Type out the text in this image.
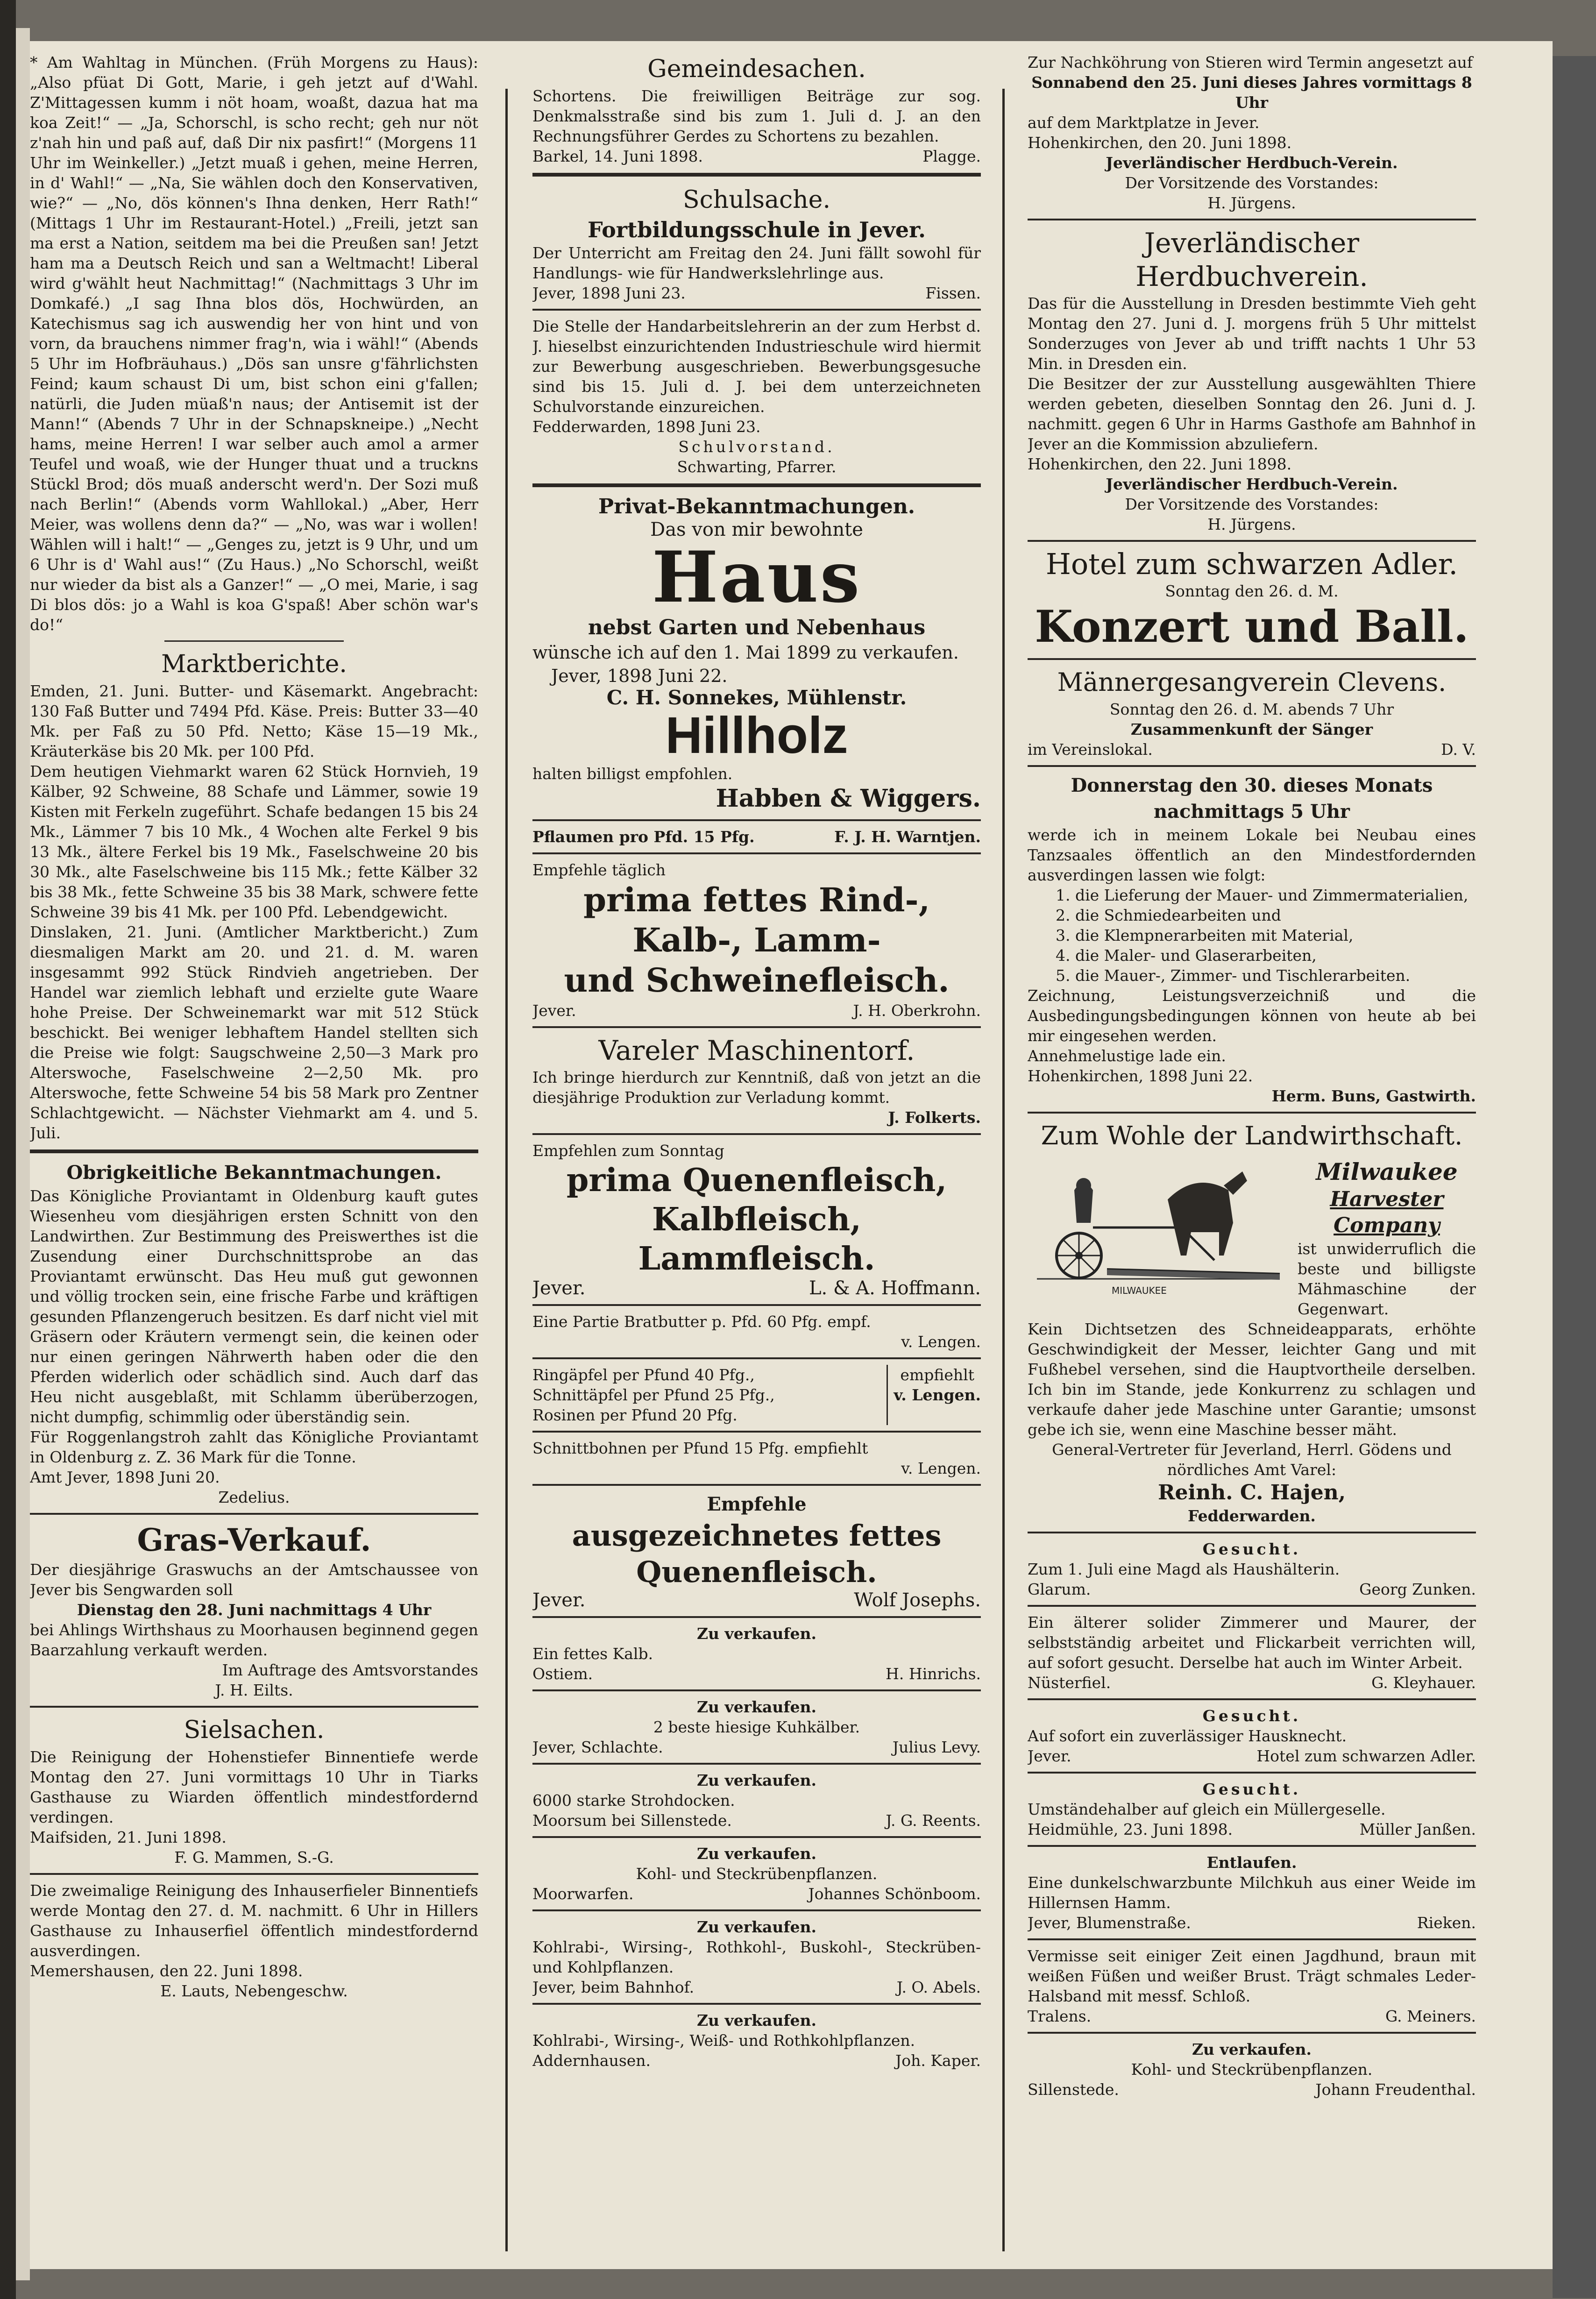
* Am Wahltag in München. (Früh Morgens zu Haus): „Also pfüat Di Gott, Marie, i geh jetzt auf d'Wahl. Z'Mittagessen kumm i nöt hoam, woaßt, dazua hat ma koa Zeit!“ — „Ja, Schorschl, is scho recht; geh nur nöt z'nah hin und paß auf, daß Dir nix pasfirt!“ (Morgens 11 Uhr im Weinkeller.) „Jetzt muaß i gehen, meine Herren, in d' Wahl!“ — „Na, Sie wählen doch den Konservativen, wie?“ — „No, dös können's Ihna denken, Herr Rath!“ (Mittags 1 Uhr im Restaurant-Hotel.) „Freili, jetzt san ma erst a Nation, seitdem ma bei die Preußen san! Jetzt ham ma a Deutsch Reich und san a Weltmacht! Liberal wird g'wählt heut Nachmittag!“ (Nachmittags 3 Uhr im Domkafé.) „I sag Ihna blos dös, Hochwürden, an Katechismus sag ich auswendig her von hint und von vorn, da brauchens nimmer frag'n, wia i wähl!“ (Abends 5 Uhr im Hofbräuhaus.) „Dös san unsre g'fährlichsten Feind; kaum schaust Di um, bist schon eini g'fallen; natürli, die Juden müaß'n naus; der Antisemit ist der Mann!“ (Abends 7 Uhr in der Schnapskneipe.) „Necht hams, meine Herren! I war selber auch amol a armer Teufel und woaß, wie der Hunger thuat und a truckns Stückl Brod; dös muaß anderscht werd'n. Der Sozi muß nach Berlin!“ (Abends vorm Wahllokal.) „Aber, Herr Meier, was wollens denn da?“ — „No, was war i wollen! Wählen will i halt!“ — „Genges zu, jetzt is 9 Uhr, und um 6 Uhr is d' Wahl aus!“ (Zu Haus.) „No Schorschl, weißt nur wieder da bist als a Ganzer!“ — „O mei, Marie, i sag Di blos dös: jo a Wahl is koa G'spaß! Aber schön war's do!“

Marktberichte.

Emden, 21. Juni. Butter- und Käsemarkt. Angebracht: 130 Faß Butter und 7494 Pfd. Käse. Preis: Butter 33—40 Mk. per Faß zu 50 Pfd. Netto; Käse 15—19 Mk., Kräuterkäse bis 20 Mk. per 100 Pfd.

Dem heutigen Viehmarkt waren 62 Stück Hornvieh, 19 Kälber, 92 Schweine, 88 Schafe und Lämmer, sowie 19 Kisten mit Ferkeln zugeführt. Schafe bedangen 15 bis 24 Mk., Lämmer 7 bis 10 Mk., 4 Wochen alte Ferkel 9 bis 13 Mk., ältere Ferkel bis 19 Mk., Faselschweine 20 bis 30 Mk., alte Faselschweine bis 115 Mk.; fette Kälber 32 bis 38 Mk., fette Schweine 35 bis 38 Mark, schwere fette Schweine 39 bis 41 Mk. per 100 Pfd. Lebendgewicht.

Dinslaken, 21. Juni. (Amtlicher Marktbericht.) Zum diesmaligen Markt am 20. und 21. d. M. waren insgesammt 992 Stück Rindvieh angetrieben. Der Handel war ziemlich lebhaft und erzielte gute Waare hohe Preise. Der Schweinemarkt war mit 512 Stück beschickt. Bei weniger lebhaftem Handel stellten sich die Preise wie folgt: Saugschweine 2,50—3 Mark pro Alterswoche, Faselschweine 2—2,50 Mk. pro Alterswoche, fette Schweine 54 bis 58 Mark pro Zentner Schlachtgewicht. — Nächster Viehmarkt am 4. und 5. Juli.

Obrigkeitliche Bekanntmachungen.

Das Königliche Proviantamt in Oldenburg kauft gutes Wiesenheu vom diesjährigen ersten Schnitt von den Landwirthen. Zur Bestimmung des Preiswerthes ist die Zusendung einer Durchschnittsprobe an das Proviantamt erwünscht. Das Heu muß gut gewonnen und völlig trocken sein, eine frische Farbe und kräftigen gesunden Pflanzengeruch besitzen. Es darf nicht viel mit Gräsern oder Kräutern vermengt sein, die keinen oder nur einen geringen Nährwerth haben oder die den Pferden widerlich oder schädlich sind. Auch darf das Heu nicht ausgeblaßt, mit Schlamm überüberzogen, nicht dumpfig, schimmlig oder überständig sein.

Für Roggenlangstroh zahlt das Königliche Proviantamt in Oldenburg z. Z. 36 Mark für die Tonne.

Amt Jever, 1898 Juni 20.

Zedelius.

Gras-Verkauf.

Der diesjährige Graswuchs an der Amtschaussee von Jever bis Sengwarden soll

Dienstag den 28. Juni nachmittags 4 Uhr

bei Ahlings Wirthshaus zu Moorhausen beginnend gegen Baarzahlung verkauft werden.

Im Auftrage des Amtsvorstandes

J. H. Eilts.

Sielsachen.

Die Reinigung der Hohenstiefer Binnentiefe werde Montag den 27. Juni vormittags 10 Uhr in Tiarks Gasthause zu Wiarden öffentlich mindestfordernd verdingen.

Maifsiden, 21. Juni 1898.

F. G. Mammen, S.-G.

Die zweimalige Reinigung des Inhauserfieler Binnentiefs werde Montag den 27. d. M. nachmitt. 6 Uhr in Hillers Gasthause zu Inhauserfiel öffentlich mindestfordernd ausverdingen.

Memershausen, den 22. Juni 1898.

E. Lauts, Nebengeschw.

Gemeindesachen.

Schortens. Die freiwilligen Beiträge zur sog. Denkmalsstraße sind bis zum 1. Juli d. J. an den Rechnungsführer Gerdes zu Schortens zu bezahlen.

Barkel, 14. Juni 1898.	Plagge.

Schulsache.

Fortbildungsschule in Jever.

Der Unterricht am Freitag den 24. Juni fällt sowohl für Handlungs- wie für Handwerkslehrlinge aus.

Jever, 1898 Juni 23.	Fissen.

Die Stelle der Handarbeitslehrerin an der zum Herbst d. J. hieselbst einzurichtenden Industrieschule wird hiermit zur Bewerbung ausgeschrieben. Bewerbungsgesuche sind bis 15. Juli d. J. bei dem unterzeichneten Schulvorstande einzureichen.

Fedderwarden, 1898 Juni 23.

Schulvorstand.

Schwarting, Pfarrer.

Privat-Bekanntmachungen.

Das von mir bewohnte

Haus

nebst Garten und Nebenhaus

wünsche ich auf den 1. Mai 1899 zu verkaufen.

Jever, 1898 Juni 22.

C. H. Sonnekes, Mühlenstr.

Hillholz

halten billigst empfohlen.

Habben & Wiggers.

Pflaumen pro Pfd. 15 Pfg.	F. J. H. Warntjen.

Empfehle täglich

prima fettes Rind-,

Kalb-, Lamm-

und Schweinefleisch.

Jever.	J. H. Oberkrohn.

Vareler Maschinentorf.

Ich bringe hierdurch zur Kenntniß, daß von jetzt an die diesjährige Produktion zur Verladung kommt.

J. Folkerts.

Empfehlen zum Sonntag

prima Quenenfleisch,

Kalbfleisch,

Lammfleisch.

Jever.	L. & A. Hoffmann.

Eine Partie Bratbutter p. Pfd. 60 Pfg. empf.

v. Lengen.

Ringäpfel per Pfund 40 Pfg.,

Schnittäpfel per Pfund 25 Pfg.,

Rosinen per Pfund 20 Pfg.

empfiehlt

v. Lengen.

Schnittbohnen per Pfund 15 Pfg. empfiehlt

v. Lengen.

Empfehle

ausgezeichnetes fettes

Quenenfleisch.

Jever.	Wolf Josephs.

Zu verkaufen.

Ein fettes Kalb.

Ostiem.	H. Hinrichs.

Zu verkaufen.

2 beste hiesige Kuhkälber.

Jever, Schlachte.	Julius Levy.

Zu verkaufen.

6000 starke Strohdocken.

Moorsum bei Sillenstede.	J. G. Reents.

Zu verkaufen.

Kohl- und Steckrübenpflanzen.

Moorwarfen.	Johannes Schönboom.

Zu verkaufen.

Kohlrabi-, Wirsing-, Rothkohl-, Buskohl-, Steckrüben- und Kohlpflanzen.

Jever, beim Bahnhof.	J. O. Abels.

Zu verkaufen.

Kohlrabi-, Wirsing-, Weiß- und Rothkohlpflanzen.

Addernhausen.	Joh. Kaper.

Zur Nachköhrung von Stieren wird Termin angesetzt auf

Sonnabend den 25. Juni dieses Jahres vormittags 8 Uhr

auf dem Marktplatze in Jever.

Hohenkirchen, den 20. Juni 1898.

Jeverländischer Herdbuch-Verein.

Der Vorsitzende des Vorstandes:

H. Jürgens.

Jeverländischer Herdbuchverein.

Das für die Ausstellung in Dresden bestimmte Vieh geht Montag den 27. Juni d. J. morgens früh 5 Uhr mittelst Sonderzuges von Jever ab und trifft nachts 1 Uhr 53 Min. in Dresden ein.

Die Besitzer der zur Ausstellung ausgewählten Thiere werden gebeten, dieselben Sonntag den 26. Juni d. J. nachmitt. gegen 6 Uhr in Harms Gasthofe am Bahnhof in Jever an die Kommission abzuliefern.

Hohenkirchen, den 22. Juni 1898.

Jeverländischer Herdbuch-Verein.

Der Vorsitzende des Vorstandes:

H. Jürgens.

Hotel zum schwarzen Adler.

Sonntag den 26. d. M.

Konzert und Ball.

Männergesangverein Clevens.

Sonntag den 26. d. M. abends 7 Uhr

Zusammenkunft der Sänger

im Vereinslokal.	D. V.

Donnerstag den 30. dieses Monats nachmittags 5 Uhr

werde ich in meinem Lokale bei Neubau eines Tanzsaales öffentlich an den Mindestfordernden ausverdingen lassen wie folgt:

1. die Lieferung der Mauer- und Zimmermaterialien,

2. die Schmiedearbeiten und

3. die Klempnerarbeiten mit Material,

4. die Maler- und Glaserarbeiten,

5. die Mauer-, Zimmer- und Tischlerarbeiten.

Zeichnung, Leistungsverzeichniß und die Ausbedingungsbedingungen können von heute ab bei mir eingesehen werden.

Annehmelustige lade ein.

Hohenkirchen, 1898 Juni 22.

Herm. Buns, Gastwirth.

Zum Wohle der Landwirthschaft.

MILWAUKEE

Milwaukee

Harvester Company

ist unwiderruflich die beste und billigste Mähmaschine der Gegenwart.

Kein Dichtsetzen des Schneideapparats, erhöhte Geschwindigkeit der Messer, leichter Gang und mit Fußhebel versehen, sind die Hauptvortheile derselben. Ich bin im Stande, jede Konkurrenz zu schlagen und verkaufe daher jede Maschine unter Garantie; umsonst gebe ich sie, wenn eine Maschine besser mäht.

General-Vertreter für Jeverland, Herrl. Gödens und nördliches Amt Varel:

Reinh. C. Hajen,

Fedderwarden.

Gesucht.

Zum 1. Juli eine Magd als Haushälterin.

Glarum.	Georg Zunken.

Ein älterer solider Zimmerer und Maurer, der selbstständig arbeitet und Flickarbeit verrichten will, auf sofort gesucht. Derselbe hat auch im Winter Arbeit.

Nüsterfiel.	G. Kleyhauer.

Gesucht.

Auf sofort ein zuverlässiger Hausknecht.

Jever.	Hotel zum schwarzen Adler.

Gesucht.

Umständehalber auf gleich ein Müllergeselle.

Heidmühle, 23. Juni 1898.	Müller Janßen.

Entlaufen.

Eine dunkelschwarzbunte Milchkuh aus einer Weide im Hillernsen Hamm.

Jever, Blumenstraße.	Rieken.

Vermisse seit einiger Zeit einen Jagdhund, braun mit weißen Füßen und weißer Brust. Trägt schmales Leder-Halsband mit messf. Schloß.

Tralens.	G. Meiners.

Zu verkaufen.

Kohl- und Steckrübenpflanzen.

Sillenstede.	Johann Freudenthal.
